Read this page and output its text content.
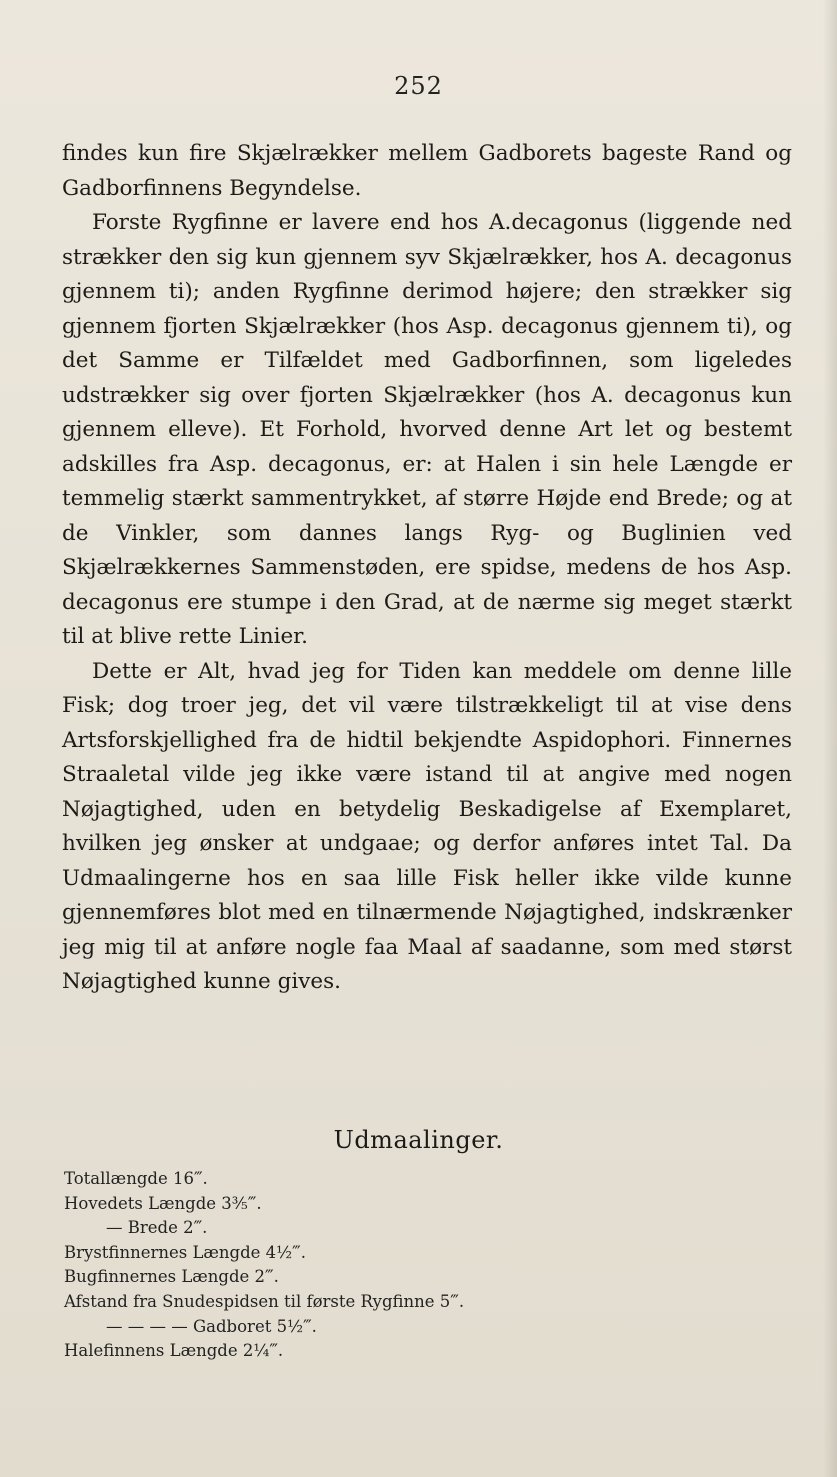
252

findes kun fire Skjælrækker mellem Gadborets bageste Rand og Gadborfinnens Begyndelse.

Forste Rygfinne er lavere end hos A.decagonus (liggende ned strækker den sig kun gjennem syv Skjælrækker, hos A. decagonus gjennem ti); anden Rygfinne derimod højere; den strækker sig gjennem fjorten Skjælrækker (hos Asp. decagonus gjennem ti), og det Samme er Tilfældet med Gadborfinnen, som ligeledes udstrækker sig over fjorten Skjælrækker (hos A. decagonus kun gjennem elleve). Et Forhold, hvorved denne Art let og bestemt adskilles fra Asp. decagonus, er: at Halen i sin hele Længde er temmelig stærkt sammentrykket, af større Højde end Brede; og at de Vinkler, som dannes langs Ryg- og Buglinien ved Skjælrækkernes Sammenstøden, ere spidse, medens de hos Asp. decagonus ere stumpe i den Grad, at de nærme sig meget stærkt til at blive rette Linier.

Dette er Alt, hvad jeg for Tiden kan meddele om denne lille Fisk; dog troer jeg, det vil være tilstrækkeligt til at vise dens Artsforskjellighed fra de hidtil bekjendte Aspidophori. Finnernes Straaletal vilde jeg ikke være istand til at angive med nogen Nøjagtighed, uden en betydelig Beskadigelse af Exemplaret, hvilken jeg ønsker at undgaae; og derfor anføres intet Tal. Da Udmaalingerne hos en saa lille Fisk heller ikke vilde kunne gjennemføres blot med en tilnærmende Nøjagtighed, indskrænker jeg mig til at anføre nogle faa Maal af saadanne, som med størst Nøjagtighed kunne gives.

Udmaalinger.
Totallængde 16‴.
Hovedets Længde 3⅗‴.
— Brede 2‴.
Brystfinnernes Længde 4½‴.
Bugfinnernes Længde 2‴.
Afstand fra Snudespidsen til første Rygfinne 5‴.
— — — — Gadboret 5½‴.
Halefinnens Længde 2¼‴.
